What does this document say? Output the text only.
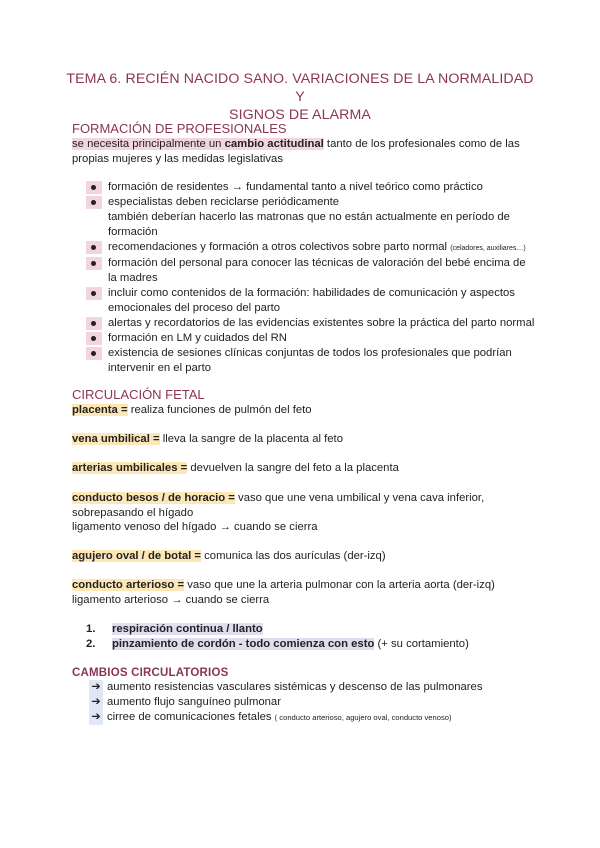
TEMA 6. RECIÉN NACIDO SANO. VARIACIONES DE LA NORMALIDAD Y
SIGNOS DE ALARMA
FORMACIÓN DE PROFESIONALES
se necesita principalmente un cambio actitudinal tanto de los profesionales como de las
propias mujeres y las medidas legislativas
formación de residentes → fundamental tanto a nivel teórico como práctico
especialistas deben reciclarse periódicamente
también deberían hacerlo las matronas que no están actualmente en período de
formación
recomendaciones y formación a otros colectivos sobre parto normal (celadores, auxiliares…)
formación del personal para conocer las técnicas de valoración del bebé encima de
la madres
incluir como contenidos de la formación: habilidades de comunicación y aspectos
emocionales del proceso del parto
alertas y recordatorios de las evidencias existentes sobre la práctica del parto normal
formación en LM y cuidados del RN
existencia de sesiones clínicas conjuntas de todos los profesionales que podrían
intervenir en el parto
CIRCULACIÓN FETAL
placenta = realiza funciones de pulmón del feto
vena umbilical = lleva la sangre de la placenta al feto
arterias umbilicales = devuelven la sangre del feto a la placenta
conducto besos / de horacio = vaso que une vena umbilical y vena cava inferior,
sobrepasando el hígado
ligamento venoso del hígado → cuando se cierra
agujero oval / de botal = comunica las dos aurículas (der-izq)
conducto arterioso = vaso que une la arteria pulmonar con la arteria aorta (der-izq)
ligamento arterioso → cuando se cierra
1. respiración continua / llanto
2. pinzamiento de cordón - todo comienza con esto (+ su cortamiento)
CAMBIOS CIRCULATORIOS
➔ aumento resistencias vasculares sistémicas y descenso de las pulmonares
➔ aumento flujo sanguíneo pulmonar
➔ cirree de comunicaciones fetales ( conducto arterioso, agujero oval, conducto venoso)
